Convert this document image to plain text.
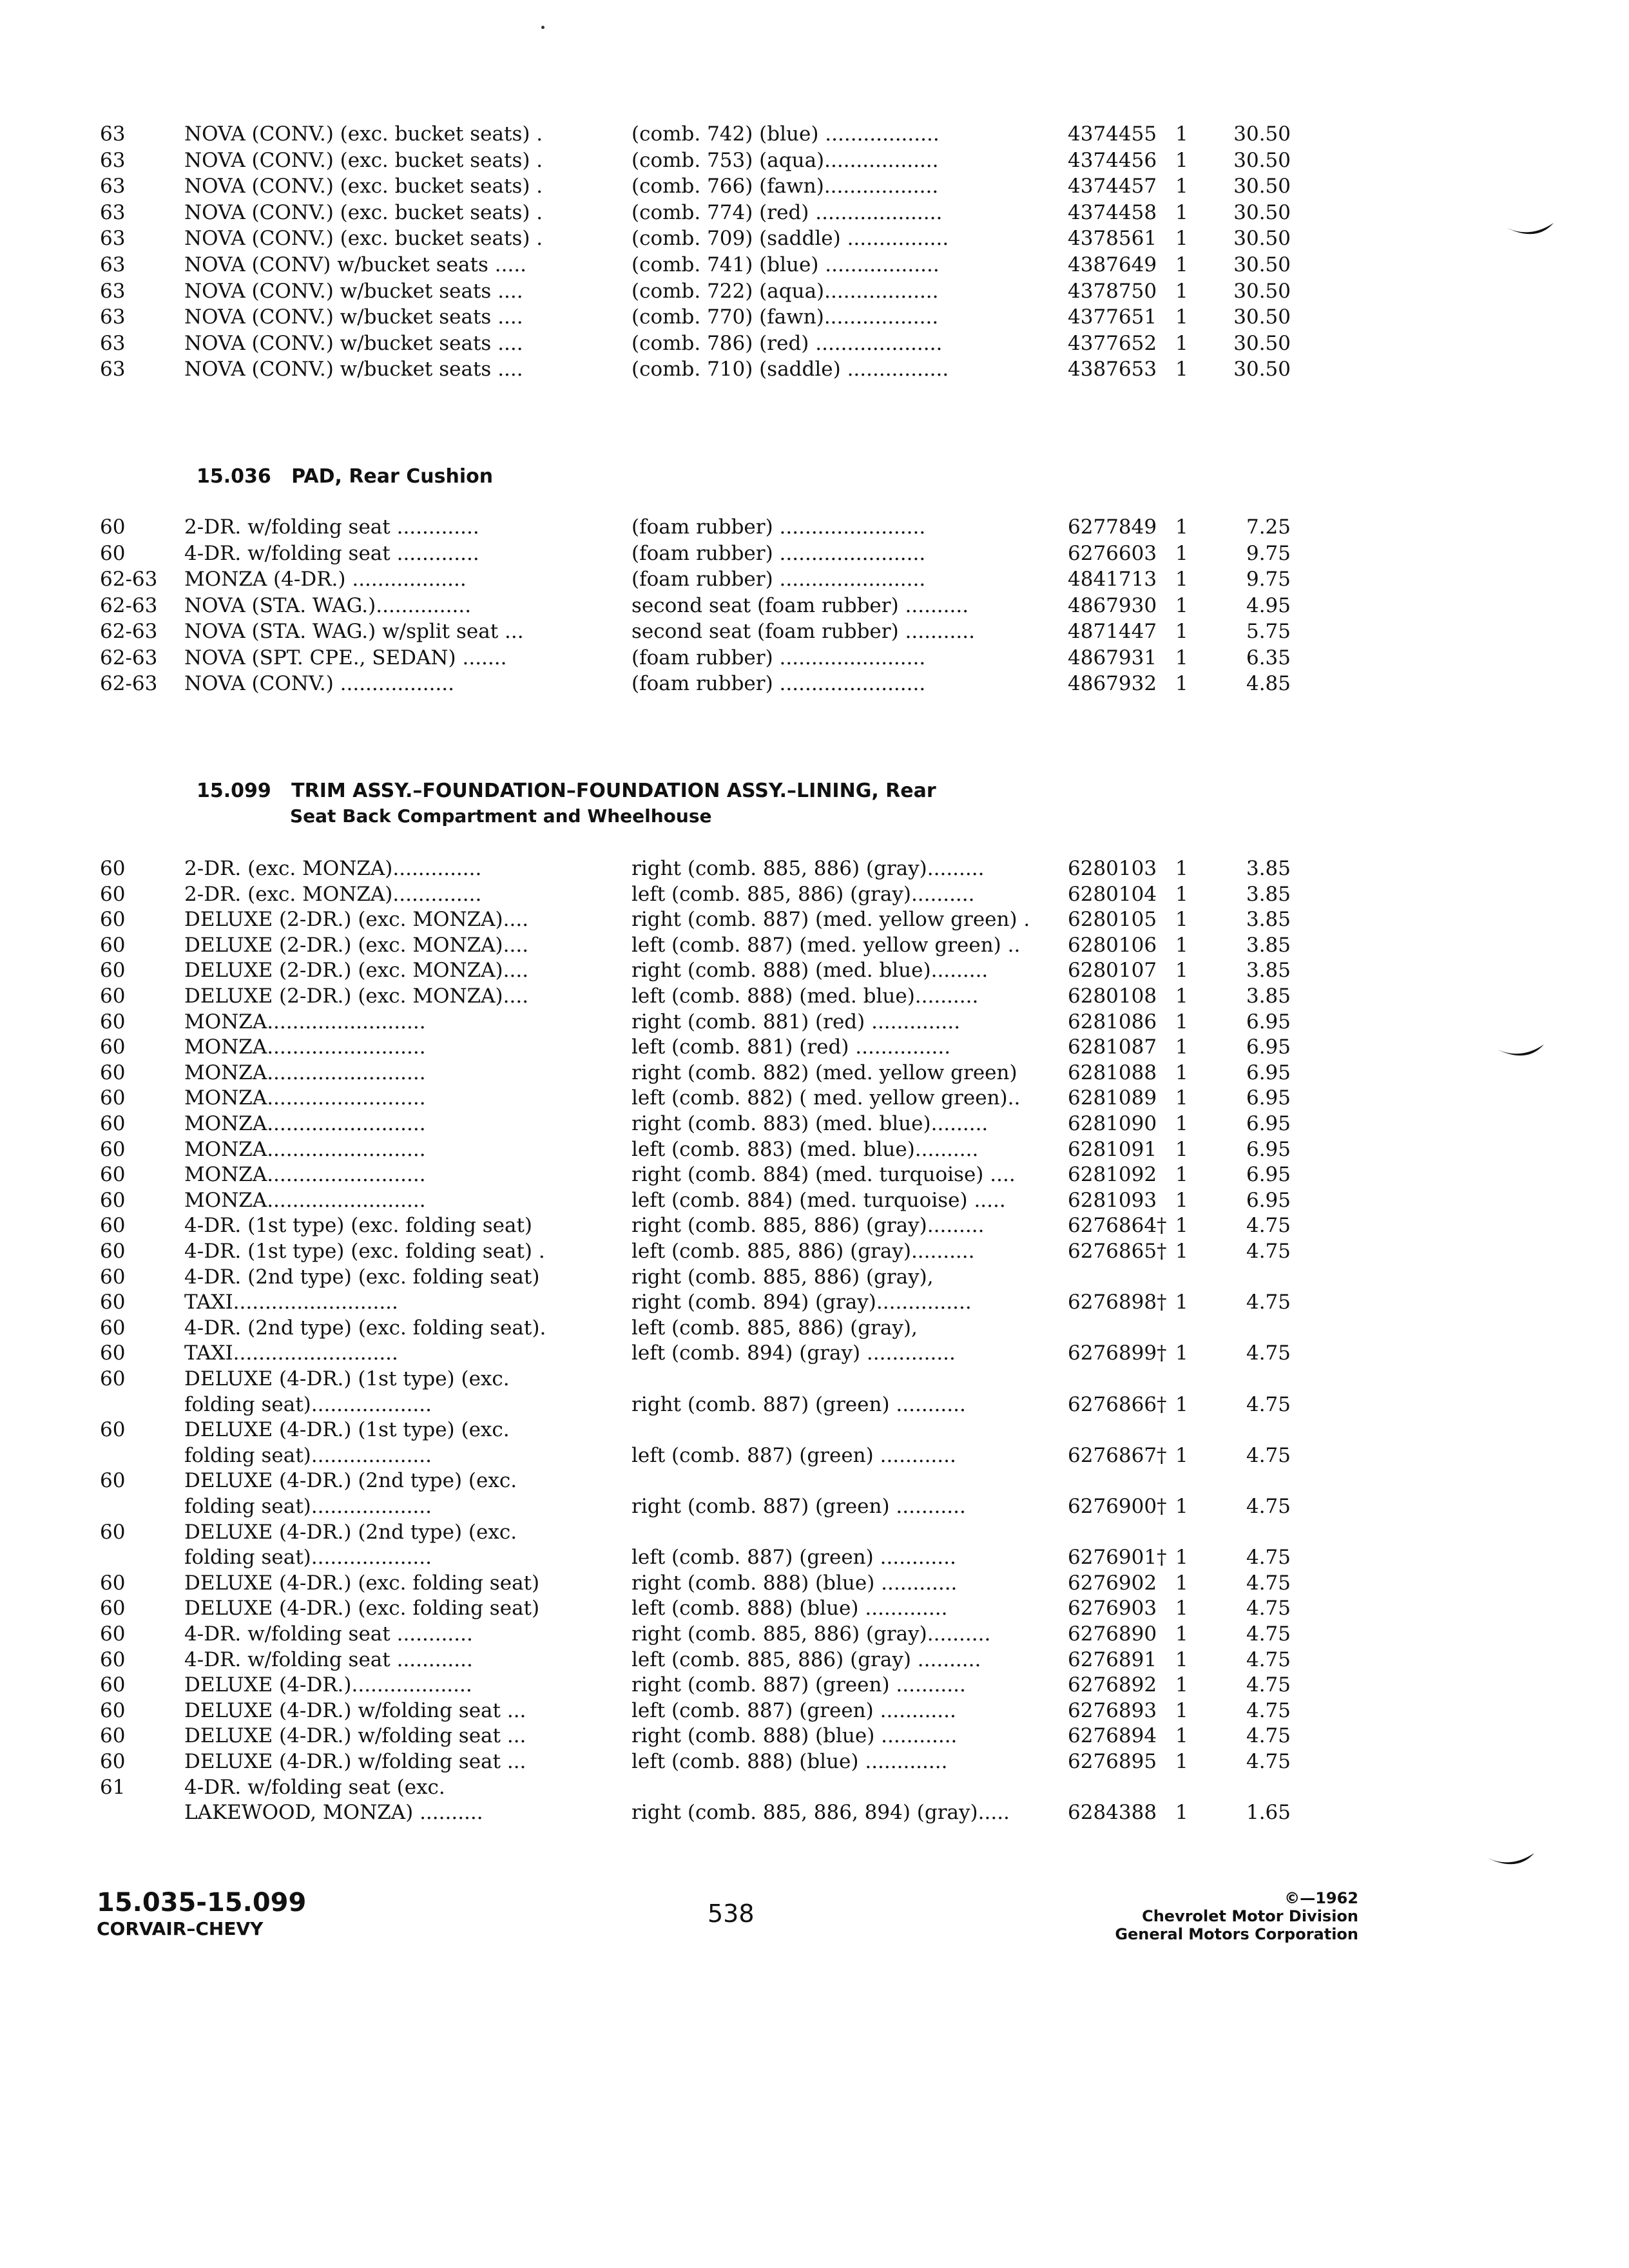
63	NOVA (CONV.) (exc. bucket seats) .	(comb. 742) (blue) ..................	4374455 1 30.50
63	NOVA (CONV.) (exc. bucket seats) .	(comb. 753) (aqua)..................	4374456 1 30.50
63	NOVA (CONV.) (exc. bucket seats) .	(comb. 766) (fawn)..................	4374457 1 30.50
63	NOVA (CONV.) (exc. bucket seats) .	(comb. 774) (red) ....................	4374458 1 30.50
63	NOVA (CONV.) (exc. bucket seats) .	(comb. 709) (saddle) ................	4378561 1 30.50
63	NOVA (CONV) w/bucket seats .....	(comb. 741) (blue) ..................	4387649 1 30.50
63	NOVA (CONV.) w/bucket seats ....	(comb. 722) (aqua)..................	4378750 1 30.50
63	NOVA (CONV.) w/bucket seats ....	(comb. 770) (fawn)..................	4377651 1 30.50
63	NOVA (CONV.) w/bucket seats ....	(comb. 786) (red) ....................	4377652 1 30.50
63	NOVA (CONV.) w/bucket seats ....	(comb. 710) (saddle) ................	4387653 1 30.50
15.036 PAD, Rear Cushion
60	2-DR. w/folding seat .............	(foam rubber) .......................	6277849 1	7.25
60	4-DR. w/folding seat .............	(foam rubber) .......................	6276603 1	9.75
62-63 MONZA (4-DR.) ..................	(foam rubber) .......................	4841713 1	9.75
62-63 NOVA (STA. WAG.)...............	second seat (foam rubber) ..........	4867930 1	4.95
62-63 NOVA (STA. WAG.) w/split seat ...	second seat (foam rubber) ...........	4871447 1	5.75
62-63 NOVA (SPT. CPE., SEDAN) .......	(foam rubber) .......................	4867931 1	6.35
62-63 NOVA (CONV.) ..................	(foam rubber) .......................	4867932 1	4.85
15.099 TRIM ASSY.–FOUNDATION–FOUNDATION ASSY.–LINING, Rear
Seat Back Compartment and Wheelhouse
60	2-DR. (exc. MONZA)..............	right (comb. 885, 886) (gray).........	6280103 1	3.85
60	2-DR. (exc. MONZA)..............	left (comb. 885, 886) (gray)..........	6280104 1	3.85
60	DELUXE (2-DR.) (exc. MONZA)....	right (comb. 887) (med. yellow green) . 6280105 1	3.85
60	DELUXE (2-DR.) (exc. MONZA)....	left (comb. 887) (med. yellow green) .. 6280106 1	3.85
60	DELUXE (2-DR.) (exc. MONZA)....	right (comb. 888) (med. blue).........	6280107 1	3.85
60	DELUXE (2-DR.) (exc. MONZA)....	left (comb. 888) (med. blue)..........	6280108 1	3.85
60	MONZA.........................	right (comb. 881) (red) ..............	6281086 1	6.95
60	MONZA.........................	left (comb. 881) (red) ...............	6281087 1	6.95
60	MONZA.........................	right (comb. 882) (med. yellow green)	6281088 1	6.95
60	MONZA.........................	left (comb. 882) ( med. yellow green).. 6281089 1	6.95
60	MONZA.........................	right (comb. 883) (med. blue).........	6281090 1	6.95
60	MONZA.........................	left (comb. 883) (med. blue)..........	6281091 1	6.95
60	MONZA.........................	right (comb. 884) (med. turquoise) ....	6281092 1	6.95
60	MONZA.........................	left (comb. 884) (med. turquoise) .....	6281093 1	6.95
60	4-DR. (1st type) (exc. folding seat)	right (comb. 885, 886) (gray).........	6276864† 1	4.75
60	4-DR. (1st type) (exc. folding seat) .	left (comb. 885, 886) (gray)..........	6276865† 1	4.75
60	4-DR. (2nd type) (exc. folding seat)	right (comb. 885, 886) (gray),
60	TAXI..........................	right (comb. 894) (gray)...............	6276898† 1	4.75
60	4-DR. (2nd type) (exc. folding seat).	left (comb. 885, 886) (gray),
60	TAXI..........................	left (comb. 894) (gray) ..............	6276899† 1	4.75
60	DELUXE (4-DR.) (1st type) (exc.
folding seat)...................	right (comb. 887) (green) ...........	6276866† 1	4.75
60	DELUXE (4-DR.) (1st type) (exc.
folding seat)...................	left (comb. 887) (green) ............	6276867† 1	4.75
60	DELUXE (4-DR.) (2nd type) (exc.
folding seat)...................	right (comb. 887) (green) ...........	6276900† 1	4.75
60	DELUXE (4-DR.) (2nd type) (exc.
folding seat)...................	left (comb. 887) (green) ............	6276901† 1	4.75
60	DELUXE (4-DR.) (exc. folding seat)	right (comb. 888) (blue) ............	6276902 1	4.75
60	DELUXE (4-DR.) (exc. folding seat)	left (comb. 888) (blue) .............	6276903 1	4.75
60	4-DR. w/folding seat ............	right (comb. 885, 886) (gray)..........	6276890 1	4.75
60	4-DR. w/folding seat ............	left (comb. 885, 886) (gray) ..........	6276891 1	4.75
60	DELUXE (4-DR.)...................	right (comb. 887) (green) ...........	6276892 1	4.75
60	DELUXE (4-DR.) w/folding seat ...	left (comb. 887) (green) ............	6276893 1	4.75
60	DELUXE (4-DR.) w/folding seat ...	right (comb. 888) (blue) ............	6276894 1	4.75
60	DELUXE (4-DR.) w/folding seat ...	left (comb. 888) (blue) .............	6276895 1	4.75
61	4-DR. w/folding seat (exc.
LAKEWOOD, MONZA) ..........	right (comb. 885, 886, 894) (gray).....	6284388 1	1.65
15.035-15.099
CORVAIR–CHEVY
538
©—1962
Chevrolet Motor Division
General Motors Corporation
